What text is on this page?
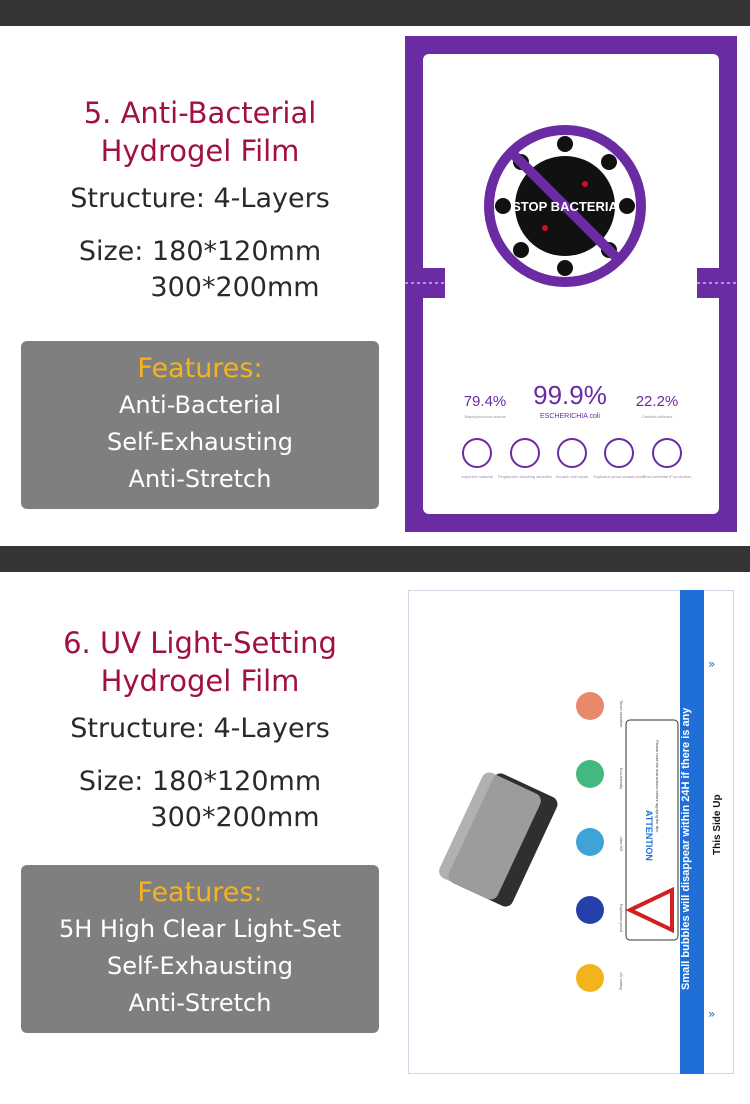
5. Anti-Bacterial
Hydrogel Film
Structure: 4-Layers
Size: 180*120mm
300*200mm
Features:
Anti-Bacterial
Self-Exhausting
Anti-Stretch
STOP BACTERIA
79.4%
Staphylococcus aureus
99.9%
ESCHERICHIA coli
22.2%
Candida albicans
Imported material Fingerprint unlocking sensitive Scratch self-repair Explosion-proof smash-proof
Environmental IP protection
6. UV Light-Setting
Hydrogel Film
Structure: 4-Layers
Size: 180*120mm
300*200mm
Features:
5H High Clear Light-Set
Self-Exhausting
Anti-Stretch
Touch sensitive
Eco-friendly
Ultra HD
Explosion-proof
UV curing
ATTENTION
Please read the instructions before applying the film. Small bubbles will disappear within 24H if there is any
»
»
This Side Up
